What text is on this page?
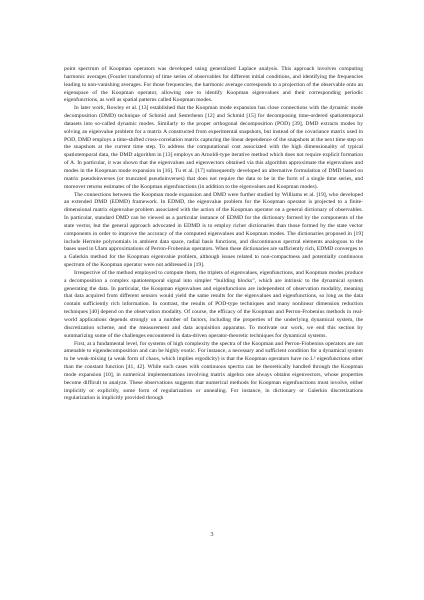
point spectrum of Koopman operators was developed using generalized Laplace analysis. This approach involves computing harmonic averages (Fourier transforms) of time series of observables for different initial conditions, and identifying the frequencies leading to non-vanishing averages. For those frequencies, the harmonic average corresponds to a projection of the observable onto an eigenspace of the Koopman operator, allowing one to identify Koopman eigenvalues and their corresponding periodic eigenfunctions, as well as spatial patterns called Koopman modes.

In later work, Rowley et al. [13] established that the Koopman mode expansion has close connections with the dynamic mode decomposition (DMD) technique of Schmid and Sesterhenn [12] and Schmid [15] for decomposing time-ordered spatiotemporal datasets into so-called dynamic modes. Similarly to the proper orthogonal decomposition (POD) [39], DMD extracts modes by solving an eigenvalue problem for a matrix A constructed from experimental snapshots, but instead of the covariance matrix used in POD, DMD employs a time-shifted cross-correlation matrix capturing the linear dependence of the snapshots at the next time step on the snapshots at the current time step. To address the computational cost associated with the high dimensionality of typical spatiotemporal data, the DMD algorithm in [13] employs an Arnoldi-type iterative method which does not require explicit formation of A. In particular, it was shown that the eigenvalues and eigenvectors obtained via this algorithm approximate the eigenvalues and modes in the Koopman mode expansion in [16]. Tu et al. [17] subsequently developed an alternative formulation of DMD based on matrix pseudoinverses (or truncated pseudoinverses) that does not require the data to be in the form of a single time series, and moreover returns estimates of the Koopman eigenfunctions (in addition to the eigenvalues and Koopman modes).

The connections between the Koopman mode expansion and DMD were further studied by Williams et al. [19], who developed an extended DMD (EDMD) framework. In EDMD, the eigenvalue problem for the Koopman operator is projected to a finite-dimensional matrix eigenvalue problem associated with the action of the Koopman operator on a general dictionary of observables. In particular, standard DMD can be viewed as a particular instance of EDMD for the dictionary formed by the components of the state vector, but the general approach advocated in EDMD is to employ richer dictionaries than those formed by the state vector components in order to improve the accuracy of the computed eigenvalues and Koopman modes. The dictionaries proposed in [19] include Hermite polynomials in ambient data space, radial basis functions, and discontinuous spectral elements analogous to the bases used in Ulam approximations of Perron-Frobenius operators. When these dictionaries are sufficiently rich, EDMD converges to a Galerkin method for the Koopman eigenvalue problem, although issues related to non-compactness and potentially continuous spectrum of the Koopman operator were not addressed in [19].

Irrespective of the method employed to compute them, the triplets of eigenvalues, eigenfunctions, and Koopman modes produce a decomposition a complex spatiotemporal signal into simpler “building blocks”, which are intrinsic to the dynamical system generating the data. In particular, the Koopman eigenvalues and eigenfunctions are independent of observation modality, meaning that data acquired from different sensors would yield the same results for the eigenvalues and eigenfunctions, so long as the data contain sufficiently rich information. In contrast, the results of POD-type techniques and many nonlinear dimension reduction techniques [40] depend on the observation modality. Of course, the efficacy of the Koopman and Perron-Frobenius methods in real-world applications depends strongly on a number of factors, including the properties of the underlying dynamical system, the discretization scheme, and the measurement and data acquisition apparatus. To motivate our work, we end this section by summarizing some of the challenges encountered in data-driven operator-theoretic techniques for dynamical systems.

First, at a fundamental level, for systems of high complexity the spectra of the Koopman and Perron-Frobenius operators are not amenable to eigendecomposition and can be highly exotic. For instance, a necessary and sufficient condition for a dynamical system to be weak-mixing (a weak form of chaos, which implies ergodicity) is that the Koopman operators have no L² eigenfunctions other than the constant function [41, 42]. While such cases with continuous spectra can be theoretically handled through the Koopman mode expansion [10], in numerical implementations involving matrix algebra one always obtains eigenvectors, whose properties become difficult to analyze. These observations suggests that numerical methods for Koopman eigenfunctions must involve, either implicitly or explicitly, some form of regularization or annealing. For instance, in dictionary or Galerkin discretizations regularization is implicitly provided through

3
